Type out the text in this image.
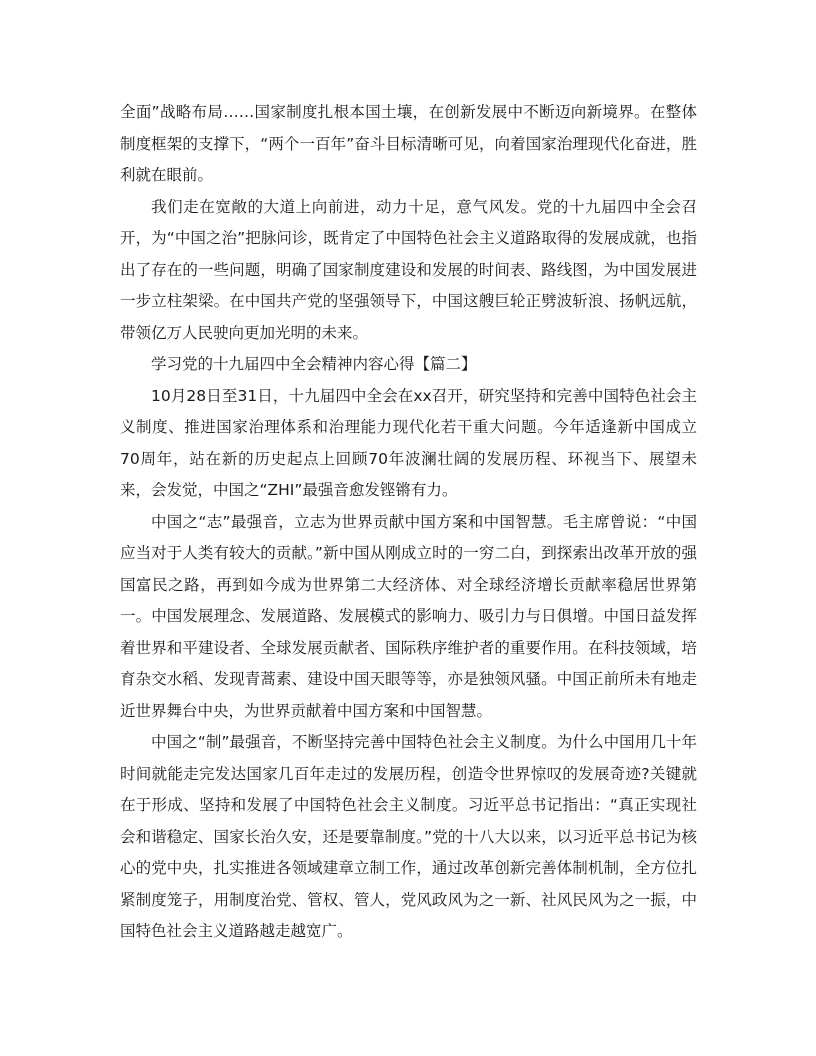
全面”战略布局……国家制度扎根本国土壤，在创新发展中不断迈向新境界。在整体制度框架的支撑下，“两个一百年”奋斗目标清晰可见，向着国家治理现代化奋进，胜利就在眼前。

我们走在宽敞的大道上向前进，动力十足，意气风发。党的十九届四中全会召开，为“中国之治”把脉问诊，既肯定了中国特色社会主义道路取得的发展成就，也指出了存在的一些问题，明确了国家制度建设和发展的时间表、路线图，为中国发展进一步立柱架梁。在中国共产党的坚强领导下，中国这艘巨轮正劈波斩浪、扬帆远航，带领亿万人民驶向更加光明的未来。

学习党的十九届四中全会精神内容心得【篇二】

10月28日至31日，十九届四中全会在xx召开，研究坚持和完善中国特色社会主义制度、推进国家治理体系和治理能力现代化若干重大问题。今年适逢新中国成立70周年，站在新的历史起点上回顾70年波澜壮阔的发展历程、环视当下、展望未来，会发觉，中国之“ZHI”最强音愈发铿锵有力。

中国之“志”最强音，立志为世界贡献中国方案和中国智慧。毛主席曾说：“中国应当对于人类有较大的贡献。”新中国从刚成立时的一穷二白，到探索出改革开放的强国富民之路，再到如今成为世界第二大经济体、对全球经济增长贡献率稳居世界第一。中国发展理念、发展道路、发展模式的影响力、吸引力与日俱增。中国日益发挥着世界和平建设者、全球发展贡献者、国际秩序维护者的重要作用。在科技领域，培育杂交水稻、发现青蒿素、建设中国天眼等等，亦是独领风骚。中国正前所未有地走近世界舞台中央，为世界贡献着中国方案和中国智慧。

中国之“制”最强音，不断坚持完善中国特色社会主义制度。为什么中国用几十年时间就能走完发达国家几百年走过的发展历程，创造令世界惊叹的发展奇迹?关键就在于形成、坚持和发展了中国特色社会主义制度。习近平总书记指出：“真正实现社会和谐稳定、国家长治久安，还是要靠制度。”党的十八大以来，以习近平总书记为核心的党中央，扎实推进各领域建章立制工作，通过改革创新完善体制机制，全方位扎紧制度笼子，用制度治党、管权、管人，党风政风为之一新、社风民风为之一振，中国特色社会主义道路越走越宽广。
